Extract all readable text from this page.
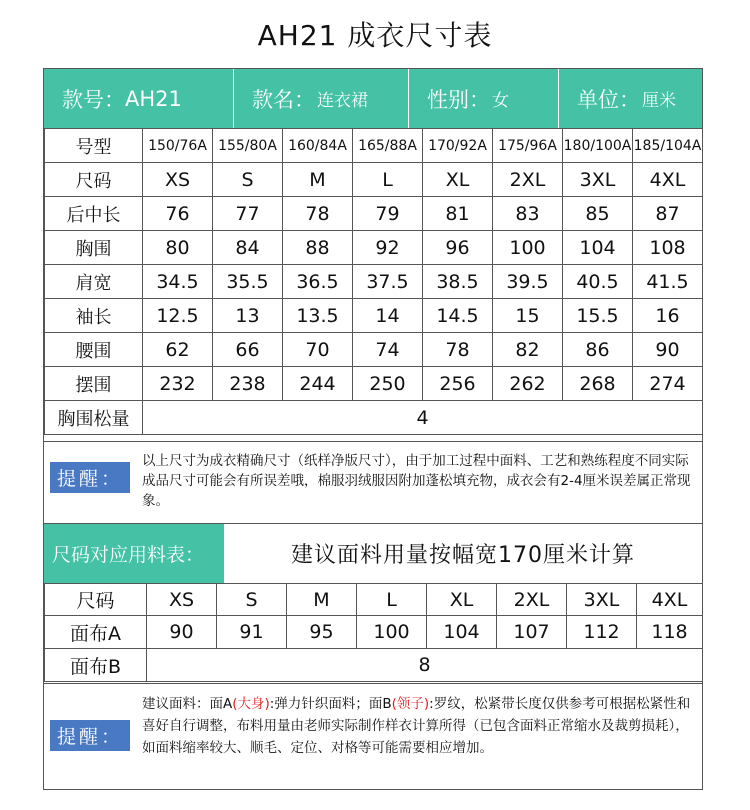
AH21 成衣尺寸表
款号： AH21	款名： 连衣裙	性别： 女	单位： 厘米
号型	150/76A	155/80A	160/84A	165/88A	170/92A	175/96A	180/100A	185/104A
尺码	XS	S	M	L	XL	2XL	3XL	4XL
后中长	76	77	78	79	81	83	85	87
胸围	80	84	88	92	96	100	104	108
肩宽	34.5	35.5	36.5	37.5	38.5	39.5	40.5	41.5
袖长	12.5	13	13.5	14	14.5	15	15.5	16
腰围	62	66	70	74	78	82	86	90
摆围	232	238	244	250	256	262	268	274
胸围松量	4							
提醒：
以上尺寸为成衣精确尺寸（纸样净版尺寸），由于加工过程中面料、工艺和熟练程度不同实际成品尺寸可能会有所误差哦，棉服羽绒服因附加蓬松填充物，成衣会有2-4厘米误差属正常现象。
尺码对应用料表：	建议面料用量按幅宽170厘米计算
尺码	XS	S	M	L	XL	2XL	3XL	4XL
面布A	90	91	95	100	104	107	112	118
面布B	8							
提醒：
建议面料：面A(大身):弹力针织面料；面B(领子):罗纹，松紧带长度仅供参考可根据松紧性和喜好自行调整，布料用量由老师实际制作样衣计算所得（已包含面料正常缩水及裁剪损耗），如面料缩率较大、顺毛、定位、对格等可能需要相应增加。
